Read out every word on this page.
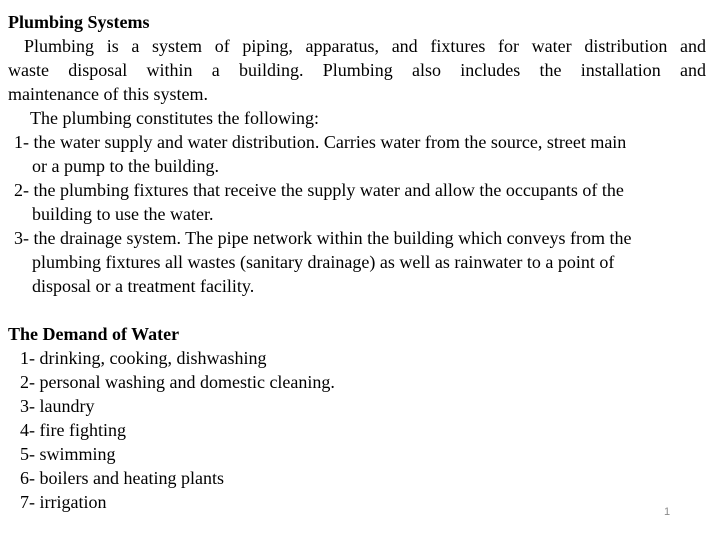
Plumbing Systems
Plumbing is a system of piping, apparatus, and fixtures for water distribution and
waste disposal within a building. Plumbing also includes the installation and
maintenance of this system.
The plumbing constitutes the following:
1- the water supply and water distribution. Carries water from the source, street main
or a pump to the building.
2- the plumbing fixtures that receive the supply water and allow the occupants of the
building to use the water.
3- the drainage system. The pipe network within the building which conveys from the
plumbing fixtures all wastes (sanitary drainage) as well as rainwater to a point of
disposal or a treatment facility.
The Demand of Water
1- drinking, cooking, dishwashing
2- personal washing and domestic cleaning.
3- laundry
4- fire fighting
5- swimming
6- boilers and heating plants
7- irrigation	1
